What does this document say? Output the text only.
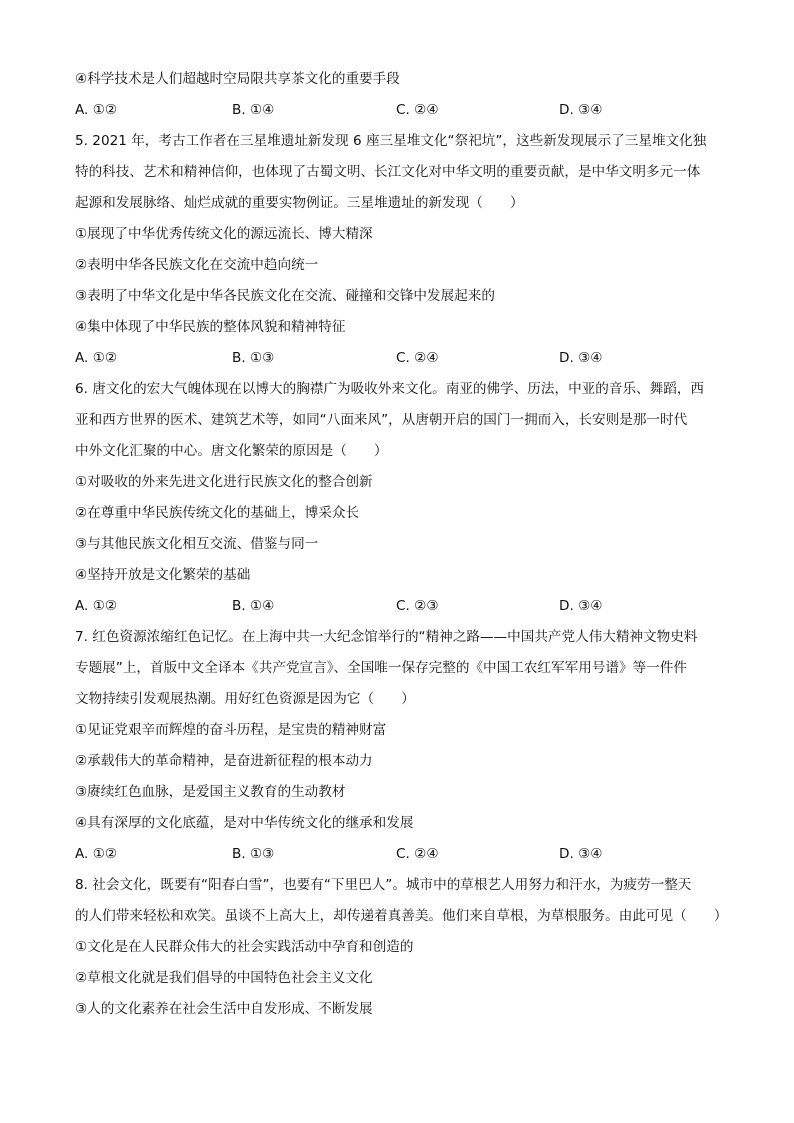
④科学技术是人们超越时空局限共享茶文化的重要手段
A. ①②	B. ①④	C. ②④	D. ③④
5. 2021 年，考古工作者在三星堆遗址新发现 6 座三星堆文化“祭祀坑”，这些新发现展示了三星堆文化独
特的科技、艺术和精神信仰，也体现了古蜀文明、长江文化对中华文明的重要贡献，是中华文明多元一体
起源和发展脉络、灿烂成就的重要实物例证。三星堆遗址的新发现（　　）
①展现了中华优秀传统文化的源远流长、博大精深
②表明中华各民族文化在交流中趋向统一
③表明了中华文化是中华各民族文化在交流、碰撞和交锋中发展起来的
④集中体现了中华民族的整体风貌和精神特征
A. ①②	B. ①③	C. ②④	D. ③④
6. 唐文化的宏大气魄体现在以博大的胸襟广为吸收外来文化。南亚的佛学、历法，中亚的音乐、舞蹈，西
亚和西方世界的医术、建筑艺术等，如同“八面来风”，从唐朝开启的国门一拥而入，长安则是那一时代
中外文化汇聚的中心。唐文化繁荣的原因是（　　）
①对吸收的外来先进文化进行民族文化的整合创新
②在尊重中华民族传统文化的基础上，博采众长
③与其他民族文化相互交流、借鉴与同一
④坚持开放是文化繁荣的基础
A. ①②	B. ①④	C. ②③	D. ③④
7. 红色资源浓缩红色记忆。在上海中共一大纪念馆举行的“精神之路——中国共产党人伟大精神文物史料
专题展”上，首版中文全译本《共产党宣言》、全国唯一保存完整的《中国工农红军军用号谱》等一件件
文物持续引发观展热潮。用好红色资源是因为它（　　）
①见证党艰辛而辉煌的奋斗历程，是宝贵的精神财富
②承载伟大的革命精神，是奋进新征程的根本动力
③赓续红色血脉，是爱国主义教育的生动教材
④具有深厚的文化底蕴，是对中华传统文化的继承和发展
A. ①②	B. ①③	C. ②④	D. ③④
8. 社会文化，既要有“阳春白雪”，也要有“下里巴人”。城市中的草根艺人用努力和汗水，为疲劳一整天
的人们带来轻松和欢笑。虽谈不上高大上，却传递着真善美。他们来自草根，为草根服务。由此可见（　　）
①文化是在人民群众伟大的社会实践活动中孕育和创造的
②草根文化就是我们倡导的中国特色社会主义文化
③人的文化素养在社会生活中自发形成、不断发展
